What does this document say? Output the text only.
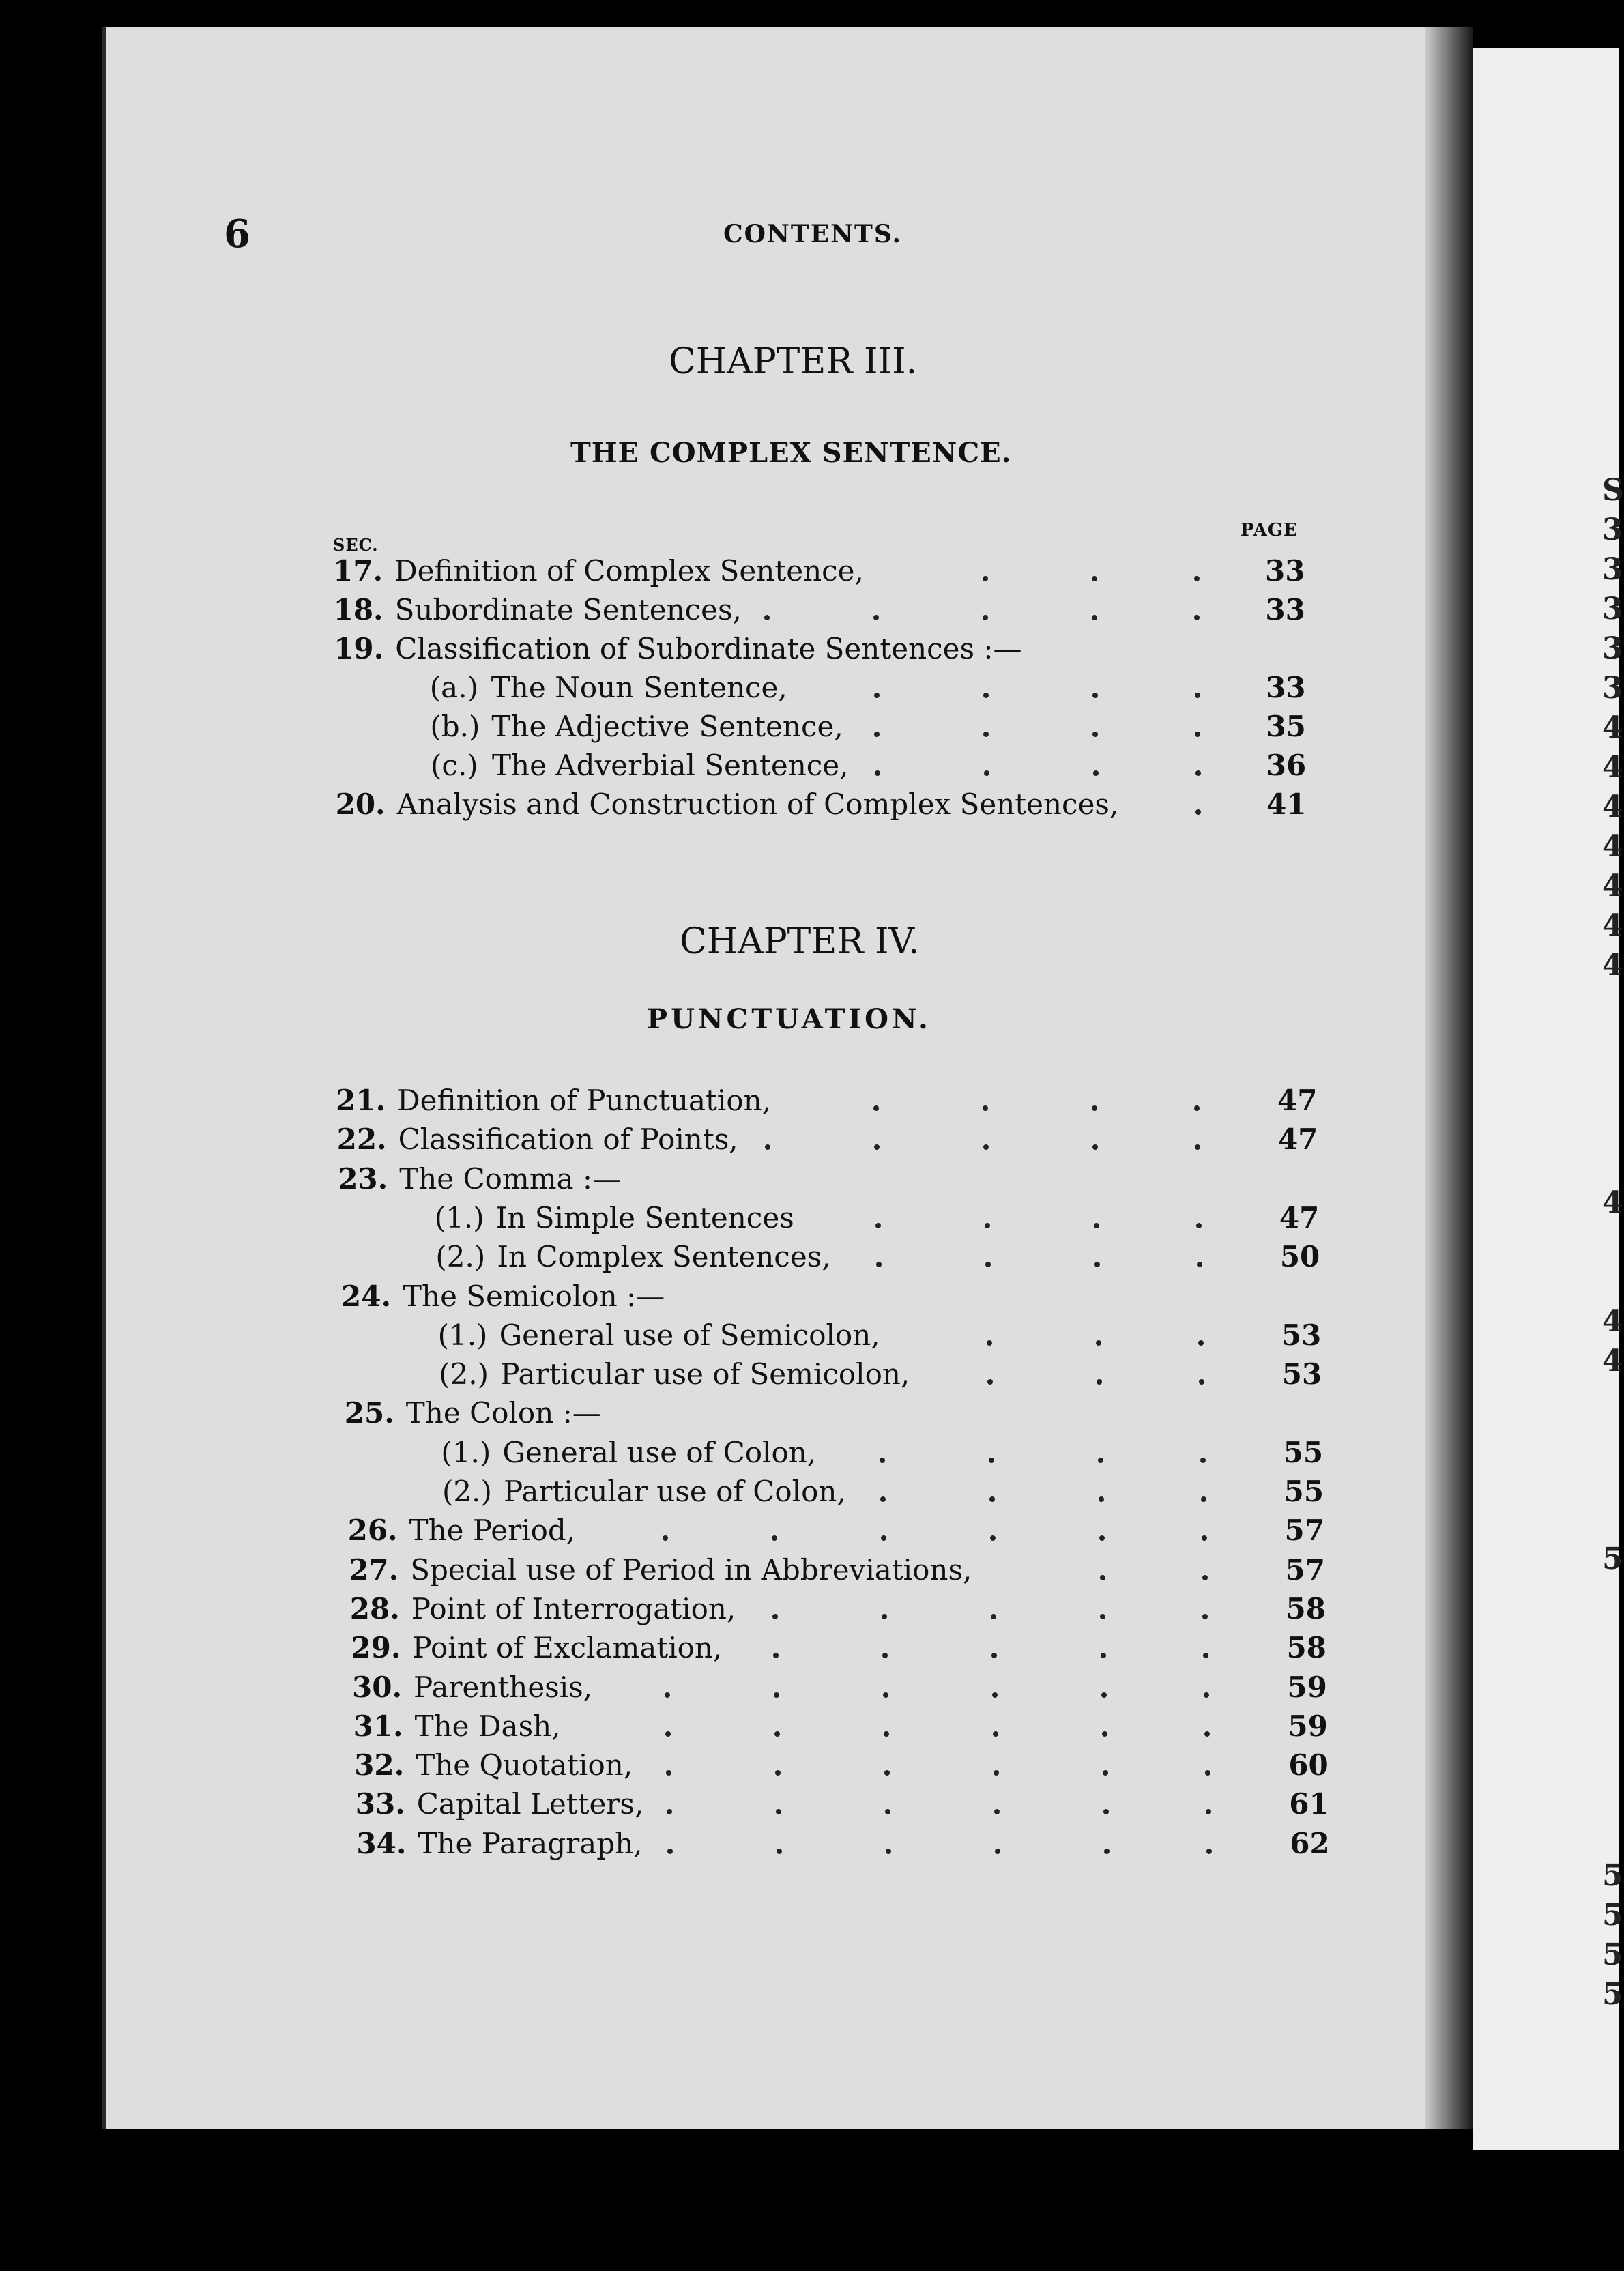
S
3
3
3
3
3
4
4
4
4
4
4
4

4

4
4

5

5
5
5
5
6	CONTENTS.
CHAPTER III.
THE COMPLEX SENTENCE.
PAGE
SEC.
17. Definition of Complex Sentence,	33
18. Subordinate Sentences,	33
19. Classification of Subordinate Sentences :—
(a.) The Noun Sentence,	33
(b.) The Adjective Sentence,	35
(c.) The Adverbial Sentence,	36
20. Analysis and Construction of Complex Sentences,	41
CHAPTER IV.
PUNCTUATION.
21. Definition of Punctuation,	47
22. Classification of Points,	47
23. The Comma :—
(1.) In Simple Sentences	47
(2.) In Complex Sentences,	50
24. The Semicolon :—
(1.) General use of Semicolon,	53
(2.) Particular use of Semicolon,	53
25. The Colon :—
(1.) General use of Colon,	55
(2.) Particular use of Colon,	55
26. The Period,	57
27. Special use of Period in Abbreviations,	57
28. Point of Interrogation,	58
29. Point of Exclamation,	58
30. Parenthesis,	59
31. The Dash,	59
32. The Quotation,	60
33. Capital Letters,	61
34. The Paragraph,	62
